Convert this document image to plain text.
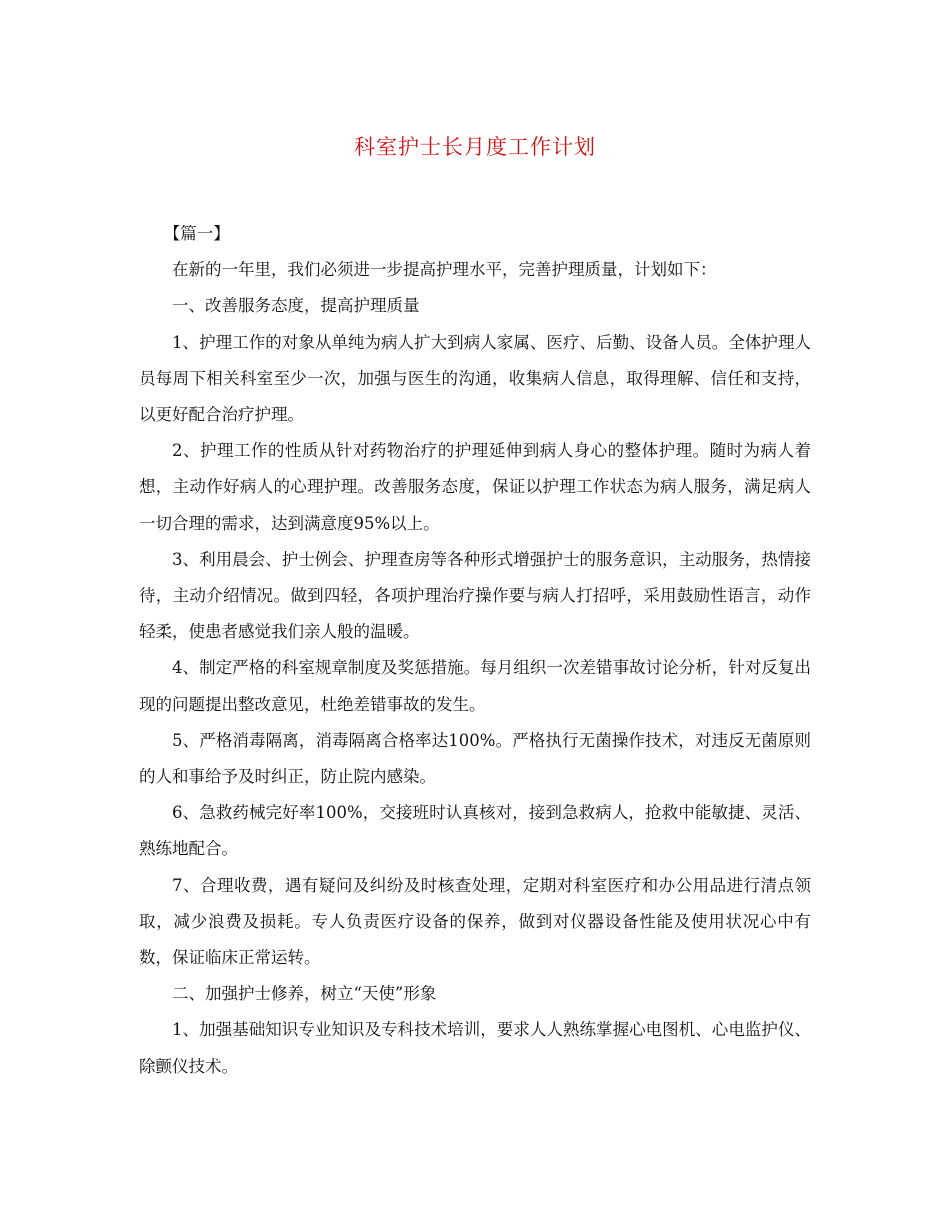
科室护士长月度工作计划

【篇一】

在新的一年里，我们必须进一步提高护理水平，完善护理质量，计划如下：

一、改善服务态度，提高护理质量

1、护理工作的对象从单纯为病人扩大到病人家属、医疗、后勤、设备人员。全体护理人员每周下相关科室至少一次，加强与医生的沟通，收集病人信息，取得理解、信任和支持，以更好配合治疗护理。

2、护理工作的性质从针对药物治疗的护理延伸到病人身心的整体护理。随时为病人着想，主动作好病人的心理护理。改善服务态度，保证以护理工作状态为病人服务，满足病人一切合理的需求，达到满意度95%以上。

3、利用晨会、护士例会、护理查房等各种形式增强护士的服务意识，主动服务，热情接待，主动介绍情况。做到四轻，各项护理治疗操作要与病人打招呼，采用鼓励性语言，动作轻柔，使患者感觉我们亲人般的温暖。

4、制定严格的科室规章制度及奖惩措施。每月组织一次差错事故讨论分析，针对反复出现的问题提出整改意见，杜绝差错事故的发生。

5、严格消毒隔离，消毒隔离合格率达100%。严格执行无菌操作技术，对违反无菌原则的人和事给予及时纠正，防止院内感染。

6、急救药械完好率100%，交接班时认真核对，接到急救病人，抢救中能敏捷、灵活、熟练地配合。

7、合理收费，遇有疑问及纠纷及时核查处理，定期对科室医疗和办公用品进行清点领取，减少浪费及损耗。专人负责医疗设备的保养，做到对仪器设备性能及使用状况心中有数，保证临床正常运转。

二、加强护士修养，树立“天使”形象

1、加强基础知识专业知识及专科技术培训，要求人人熟练掌握心电图机、心电监护仪、除颤仪技术。
